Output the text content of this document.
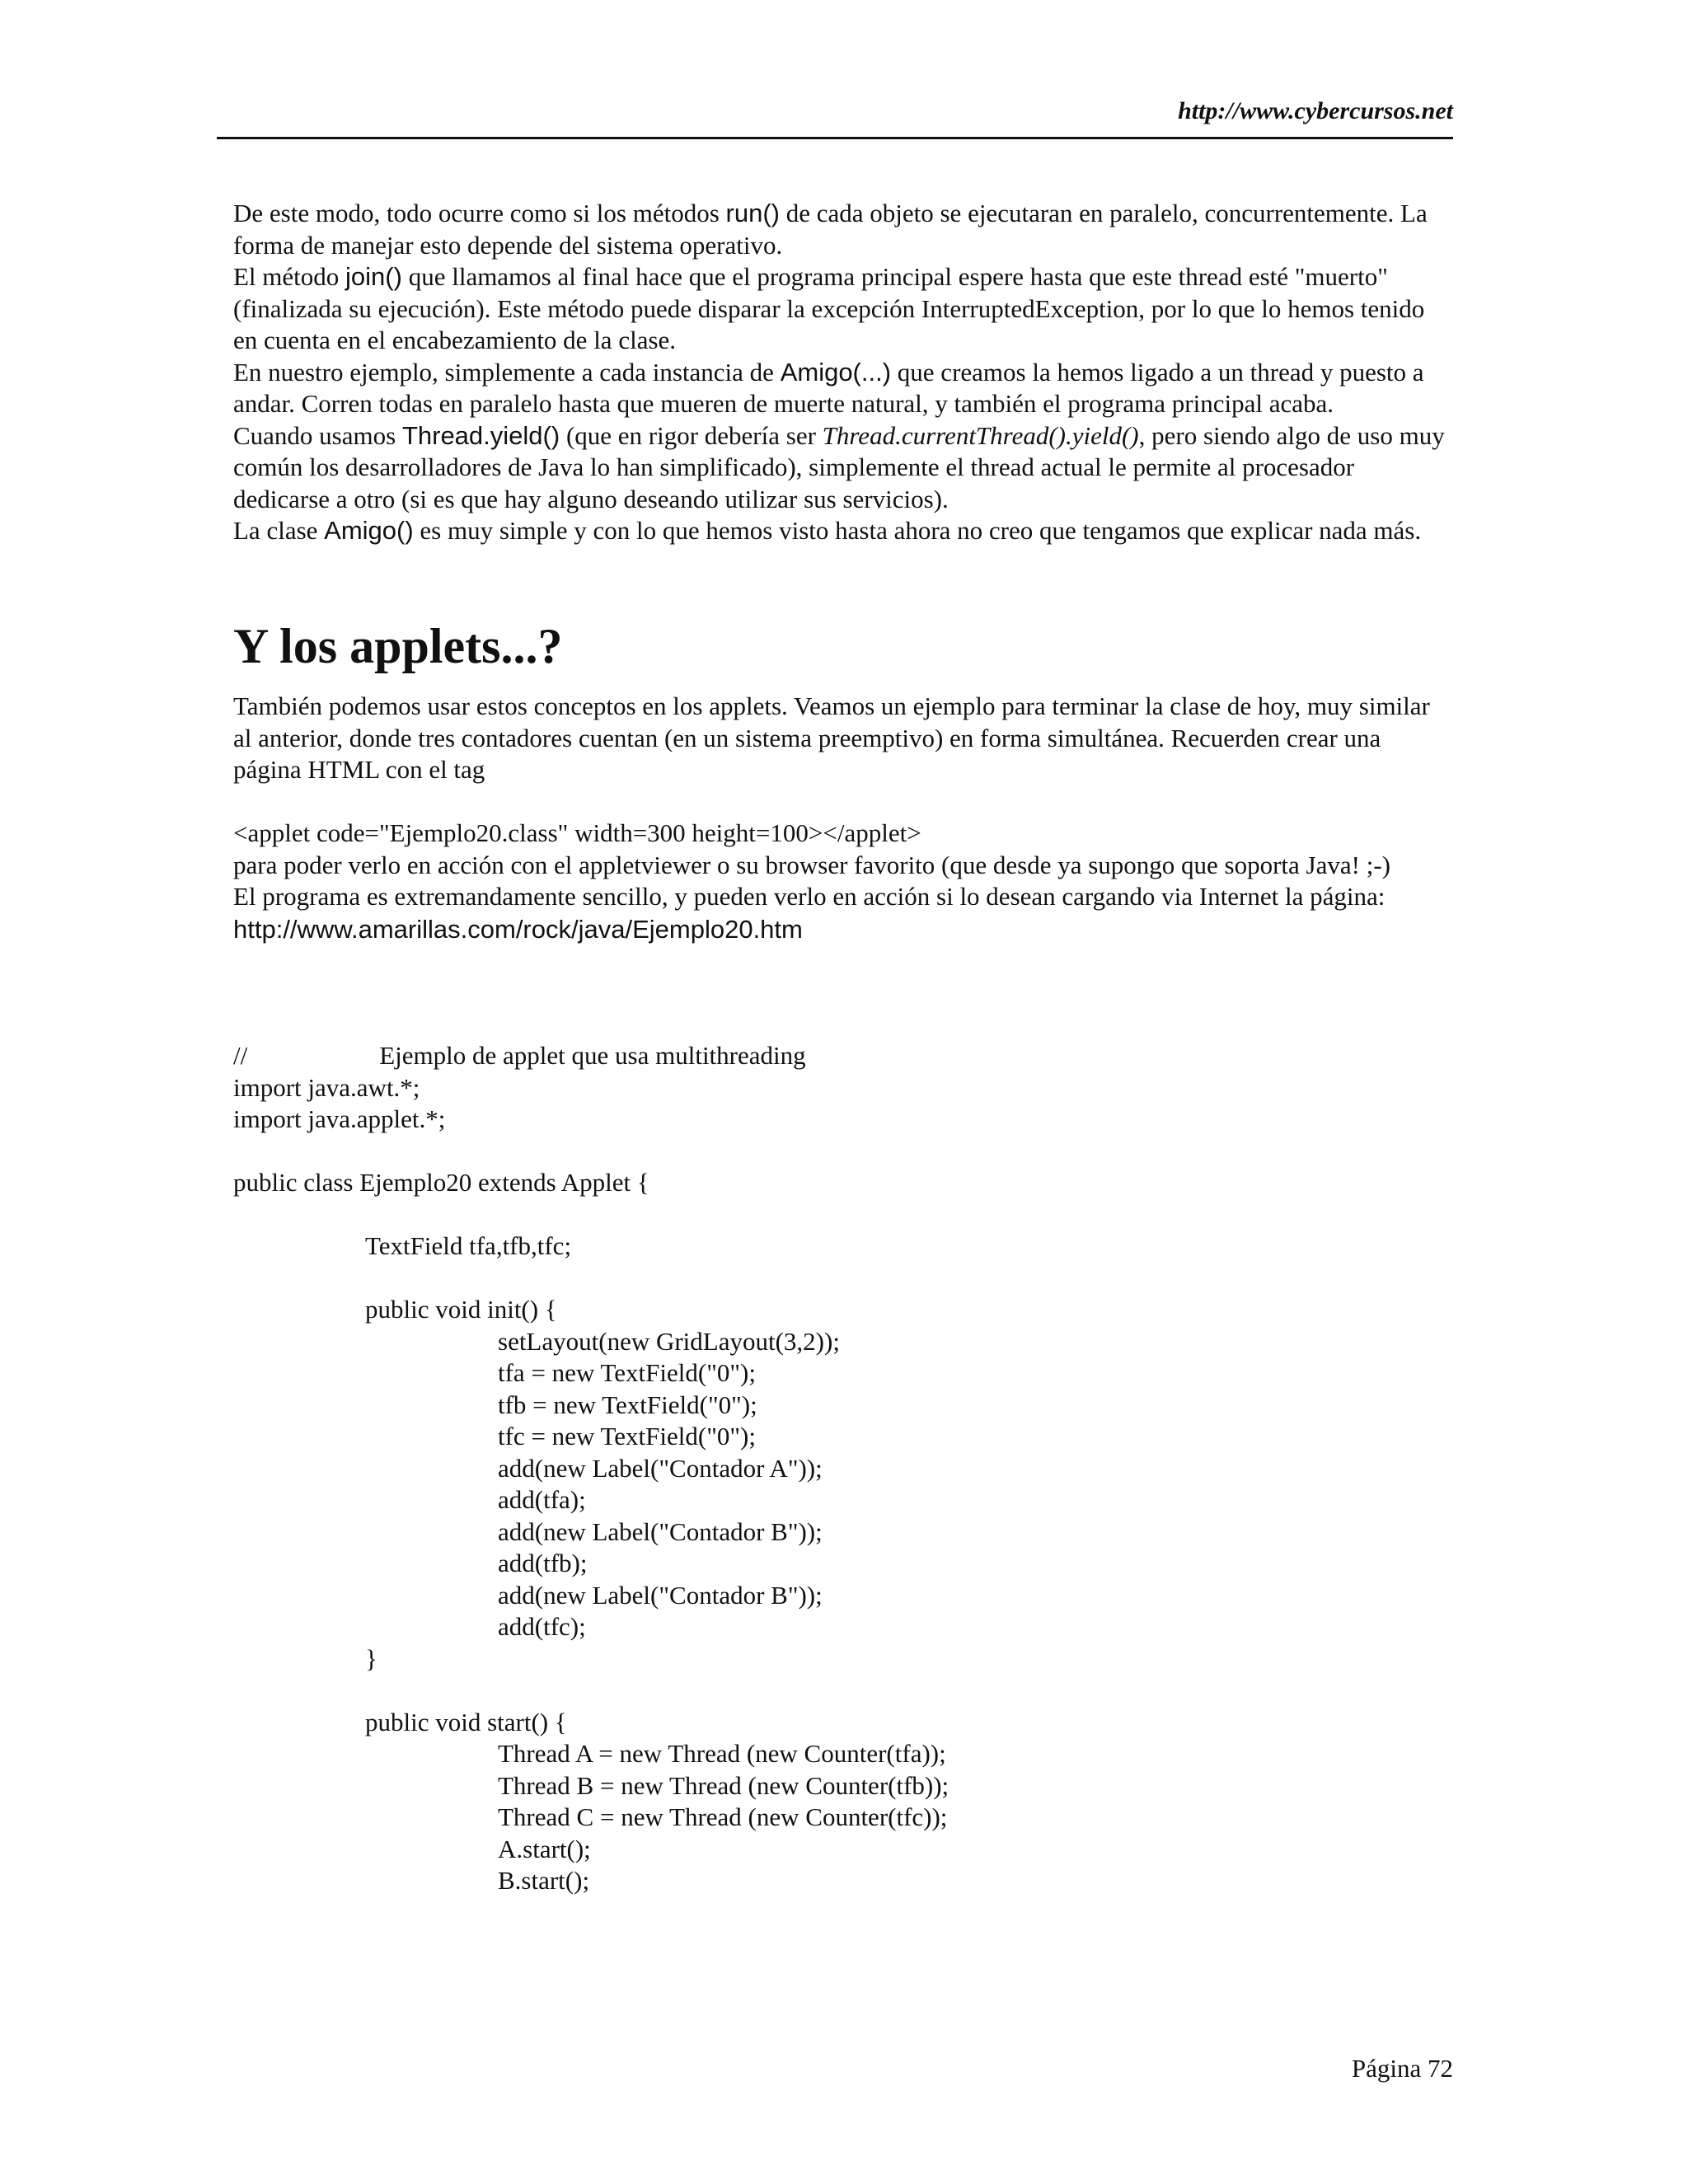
http://www.cybercursos.net

De este modo, todo ocurre como si los métodos run() de cada objeto se ejecutaran en paralelo, concurrentemente. La forma de manejar esto depende del sistema operativo.

El método join() que llamamos al final hace que el programa principal espere hasta que este thread esté "muerto" (finalizada su ejecución). Este método puede disparar la excepción InterruptedException, por lo que lo hemos tenido en cuenta en el encabezamiento de la clase.

En nuestro ejemplo, simplemente a cada instancia de Amigo(...) que creamos la hemos ligado a un thread y puesto a andar. Corren todas en paralelo hasta que mueren de muerte natural, y también el programa principal acaba.

Cuando usamos Thread.yield() (que en rigor debería ser Thread.currentThread().yield(), pero siendo algo de uso muy común los desarrolladores de Java lo han simplificado), simplemente el thread actual le permite al procesador dedicarse a otro (si es que hay alguno deseando utilizar sus servicios).

La clase Amigo() es muy simple y con lo que hemos visto hasta ahora no creo que tengamos que explicar nada más.

Y los applets...?

También podemos usar estos conceptos en los applets. Veamos un ejemplo para terminar la clase de hoy, muy similar al anterior, donde tres contadores cuentan (en un sistema preemptivo) en forma simultánea. Recuerden crear una página HTML con el tag

<applet code="Ejemplo20.class" width=300 height=100></applet>

para poder verlo en acción con el appletviewer o su browser favorito (que desde ya supongo que soporta Java! ;-)

El programa es extremandamente sencillo, y pueden verlo en acción si lo desean cargando via Internet la página:

http://www.amarillas.com/rock/java/Ejemplo20.htm

//	Ejemplo de applet que usa multithreading
import java.awt.*;
import java.applet.*;
public class Ejemplo20 extends Applet {
TextField tfa,tfb,tfc;
public void init() {
setLayout(new GridLayout(3,2));
tfa = new TextField("0");
tfb = new TextField("0");
tfc = new TextField("0");
add(new Label("Contador A"));
add(tfa);
add(new Label("Contador B"));
add(tfb);
add(new Label("Contador B"));
add(tfc);
}
public void start() {
Thread A = new Thread (new Counter(tfa));
Thread B = new Thread (new Counter(tfb));
Thread C = new Thread (new Counter(tfc));
A.start();
B.start();
Página 72
